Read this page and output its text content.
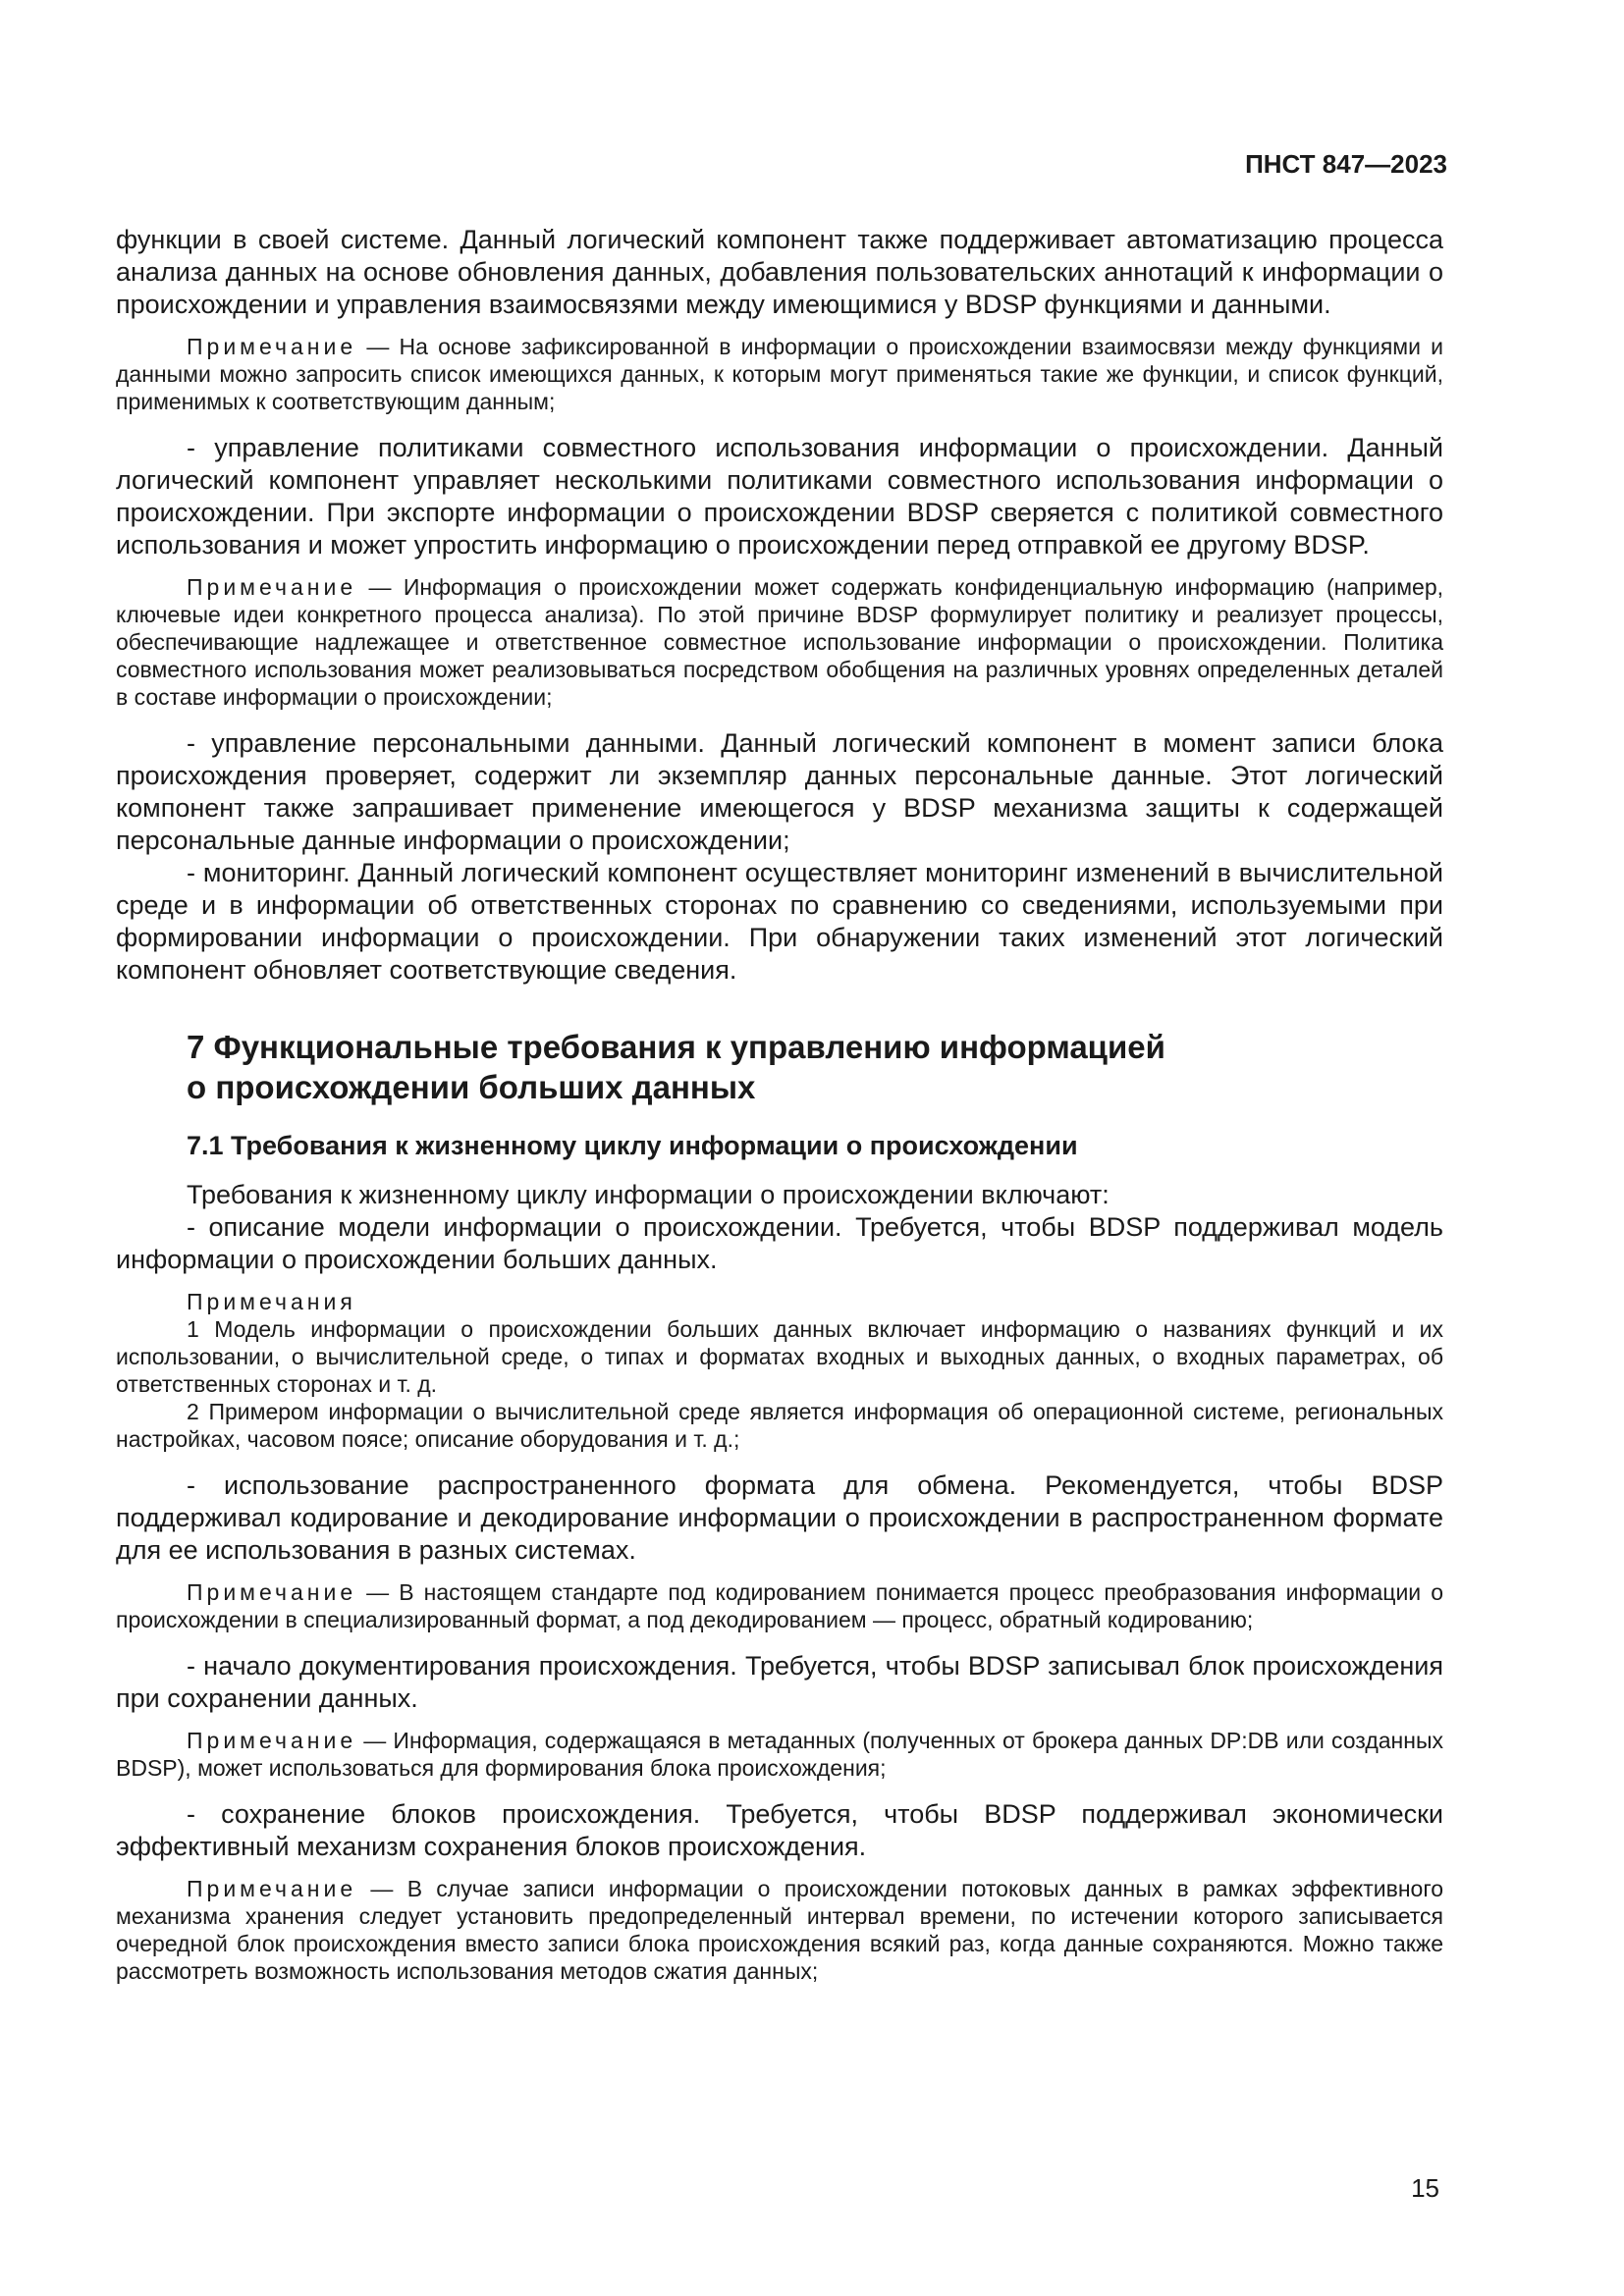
ПНСТ 847—2023

функции в своей системе. Данный логический компонент также поддерживает автоматизацию процесса анализа данных на основе обновления данных, добавления пользовательских аннотаций к информации о происхождении и управления взаимосвязями между имеющимися у BDSP функциями и данными.

Примечание — На основе зафиксированной в информации о происхождении взаимосвязи между функциями и данными можно запросить список имеющихся данных, к которым могут применяться такие же функции, и список функций, применимых к соответствующим данным;

- управление политиками совместного использования информации о происхождении. Данный логический компонент управляет несколькими политиками совместного использования информации о происхождении. При экспорте информации о происхождении BDSP сверяется с политикой совместного использования и может упростить информацию о происхождении перед отправкой ее другому BDSP.

Примечание — Информация о происхождении может содержать конфиденциальную информацию (например, ключевые идеи конкретного процесса анализа). По этой причине BDSP формулирует политику и реализует процессы, обеспечивающие надлежащее и ответственное совместное использование информации о происхождении. Политика совместного использования может реализовываться посредством обобщения на различных уровнях определенных деталей в составе информации о происхождении;

- управление персональными данными. Данный логический компонент в момент записи блока происхождения проверяет, содержит ли экземпляр данных персональные данные. Этот логический компонент также запрашивает применение имеющегося у BDSP механизма защиты к содержащей персональные данные информации о происхождении;

- мониторинг. Данный логический компонент осуществляет мониторинг изменений в вычислительной среде и в информации об ответственных сторонах по сравнению со сведениями, используемыми при формировании информации о происхождении. При обнаружении таких изменений этот логический компонент обновляет соответствующие сведения.

7 Функциональные требования к управлению информацией
о происхождении больших данных
7.1 Требования к жизненному циклу информации о происхождении

Требования к жизненному циклу информации о происхождении включают:

- описание модели информации о происхождении. Требуется, чтобы BDSP поддерживал модель информации о происхождении больших данных.

Примечания

1 Модель информации о происхождении больших данных включает информацию о названиях функций и их использовании, о вычислительной среде, о типах и форматах входных и выходных данных, о входных параметрах, об ответственных сторонах и т. д.

2 Примером информации о вычислительной среде является информация об операционной системе, региональных настройках, часовом поясе; описание оборудования и т. д.;

- использование распространенного формата для обмена. Рекомендуется, чтобы BDSP поддерживал кодирование и декодирование информации о происхождении в распространенном формате для ее использования в разных системах.

Примечание — В настоящем стандарте под кодированием понимается процесс преобразования информации о происхождении в специализированный формат, а под декодированием — процесс, обратный кодированию;

- начало документирования происхождения. Требуется, чтобы BDSP записывал блок происхождения при сохранении данных.

Примечание — Информация, содержащаяся в метаданных (полученных от брокера данных DP:DB или созданных BDSP), может использоваться для формирования блока происхождения;

- сохранение блоков происхождения. Требуется, чтобы BDSP поддерживал экономически эффективный механизм сохранения блоков происхождения.

Примечание — В случае записи информации о происхождении потоковых данных в рамках эффективного механизма хранения следует установить предопределенный интервал времени, по истечении которого записывается очередной блок происхождения вместо записи блока происхождения всякий раз, когда данные сохраняются. Можно также рассмотреть возможность использования методов сжатия данных;

15
